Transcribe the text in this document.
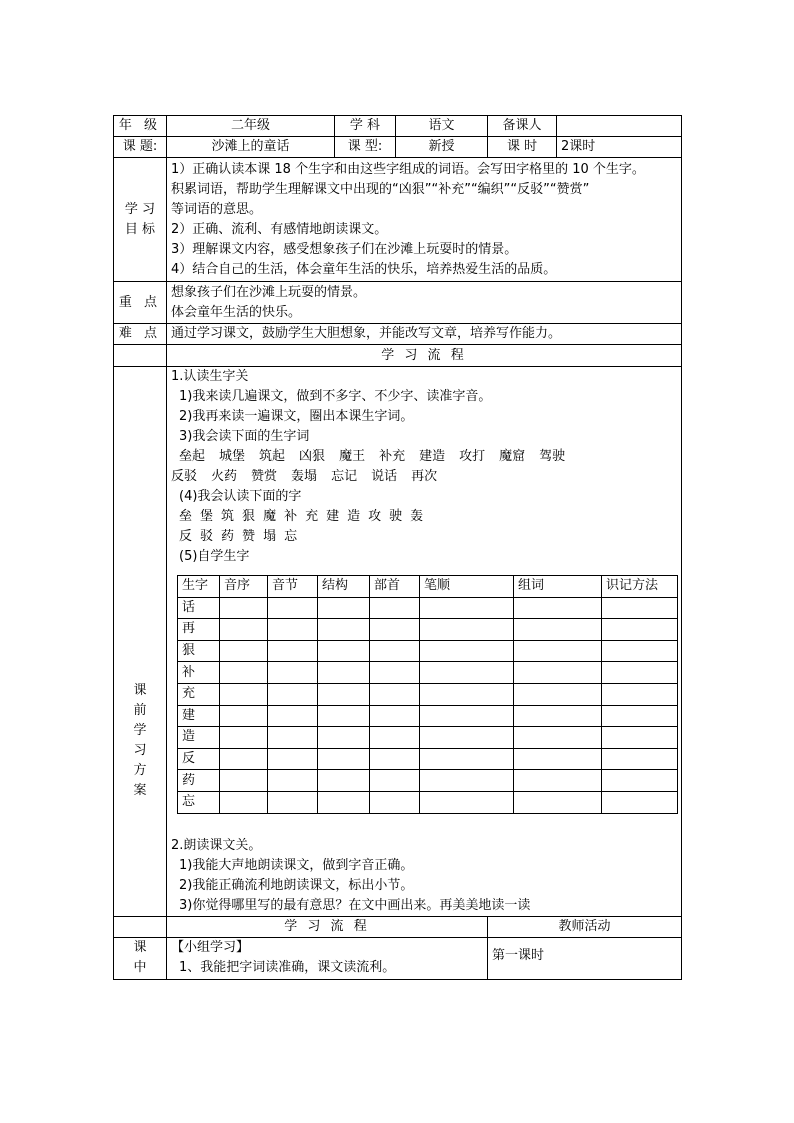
年 级	二年级	学 科	语文	备课人	
课 题:	沙滩上的童话	课 型:	新授	课 时	2课时

学 习
目 标

1）正确认读本课 18 个生字和由这些字组成的词语。会写田字格里的 10 个生字。
积累词语，帮助学生理解课文中出现的“凶狠”“补充”“编织”“反驳”“赞赏”
等词语的意思。
2）正确、流利、有感情地朗读课文。
3）理解课文内容，感受想象孩子们在沙滩上玩耍时的情景。
4）结合自己的生活，体会童年生活的快乐，培养热爱生活的品质。

重 点	
想象孩子们在沙滩上玩耍的情景。
体会童年生活的快乐。

难 点	通过学习课文，鼓励学生大胆想象，并能改写文章，培养写作能力。
	学 习 流 程

课
前
学
习
方
案

1.认读生字关
1)我来读几遍课文，做到不多字、不少字、读准字音。
2)我再来读一遍课文，圈出本课生字词。
3)我会读下面的生字词
垒起 城堡 筑起 凶狠 魔王 补充 建造 攻打 魔窟 驾驶
反驳 火药 赞赏 轰塌 忘记 说话 再次
(4)我会认读下面的字
垒 堡 筑 狠 魔 补 充 建 造 攻 驶 轰
反 驳 药 赞 塌 忘
(5)自学生字
生字	音序	音节	结构	部首	笔顺	组词	识记方法
话							
再							
狠							
补							
充							
建							
造							
反							
药							
忘							
2.朗读课文关。
1)我能大声地朗读课文，做到字音正确。
2)我能正确流利地朗读课文，标出小节。
3)你觉得哪里写的最有意思？在文中画出来。再美美地读一读

	学 习 流 程	教师活动

课
中

【小组学习】
1、我能把字词读准确，课文读流利。
	第一课时
